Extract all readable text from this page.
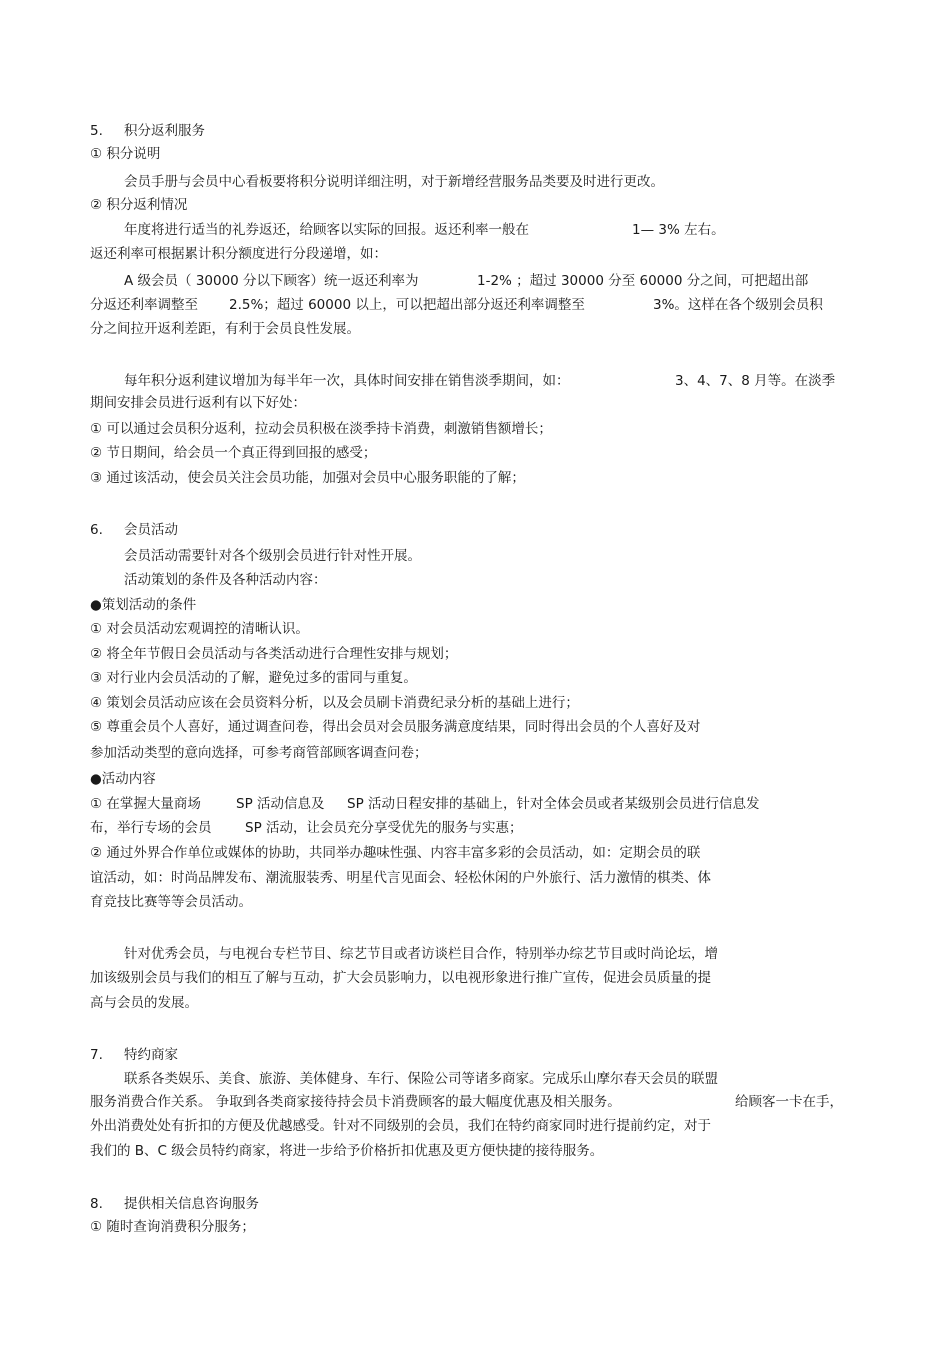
5. 积分返利服务
① 积分说明
会员手册与会员中心看板要将积分说明详细注明，对于新增经营服务品类要及时进行更改。
② 积分返利情况
年度将进行适当的礼券返还，给顾客以实际的回报。返还利率一般在	1— 3% 左右。
返还利率可根据累计积分额度进行分段递增，如：
A 级会员（ 30000 分以下顾客）统一返还利率为	1-2% ；超过 30000 分至 60000 分之间，可把超出部
分返还利率调整至 2.5%；超过 60000 以上，可以把超出部分返还利率调整至	3%。这样在各个级别会员积
分之间拉开返利差距，有利于会员良性发展。
每年积分返利建议增加为每半年一次，具体时间安排在销售淡季期间，如：	3、4、7、8 月等。在淡季
期间安排会员进行返利有以下好处：
① 可以通过会员积分返利，拉动会员积极在淡季持卡消费，刺激销售额增长；
② 节日期间，给会员一个真正得到回报的感受；
③ 通过该活动，使会员关注会员功能，加强对会员中心服务职能的了解；
6. 会员活动
会员活动需要针对各个级别会员进行针对性开展。
活动策划的条件及各种活动内容：
●策划活动的条件
① 对会员活动宏观调控的清晰认识。
② 将全年节假日会员活动与各类活动进行合理性安排与规划；
③ 对行业内会员活动的了解，避免过多的雷同与重复。
④ 策划会员活动应该在会员资料分析，以及会员刷卡消费纪录分析的基础上进行；
⑤ 尊重会员个人喜好，通过调查问卷，得出会员对会员服务满意度结果，同时得出会员的个人喜好及对
参加活动类型的意向选择，可参考商管部顾客调查问卷；
●活动内容
① 在掌握大量商场	SP 活动信息及 SP 活动日程安排的基础上，针对全体会员或者某级别会员进行信息发
布，举行专场的会员 SP 活动，让会员充分享受优先的服务与实惠；
② 通过外界合作单位或媒体的协助，共同举办趣味性强、内容丰富多彩的会员活动，如：定期会员的联
谊活动，如：时尚品牌发布、潮流服装秀、明星代言见面会、轻松休闲的户外旅行、活力激情的棋类、体
育竞技比赛等等会员活动。
针对优秀会员，与电视台专栏节目、综艺节目或者访谈栏目合作，特别举办综艺节目或时尚论坛，增
加该级别会员与我们的相互了解与互动，扩大会员影响力，以电视形象进行推广宣传，促进会员质量的提
高与会员的发展。
7. 特约商家
联系各类娱乐、美食、旅游、美体健身、车行、保险公司等诸多商家。完成乐山摩尔春天会员的联盟
服务消费合作关系。 争取到各类商家接待持会员卡消费顾客的最大幅度优惠及相关服务。	给顾客一卡在手，
外出消费处处有折扣的方便及优越感受。针对不同级别的会员，我们在特约商家同时进行提前约定，对于
我们的 B、C 级会员特约商家，将进一步给予价格折扣优惠及更方便快捷的接待服务。
8. 提供相关信息咨询服务
① 随时查询消费积分服务；
